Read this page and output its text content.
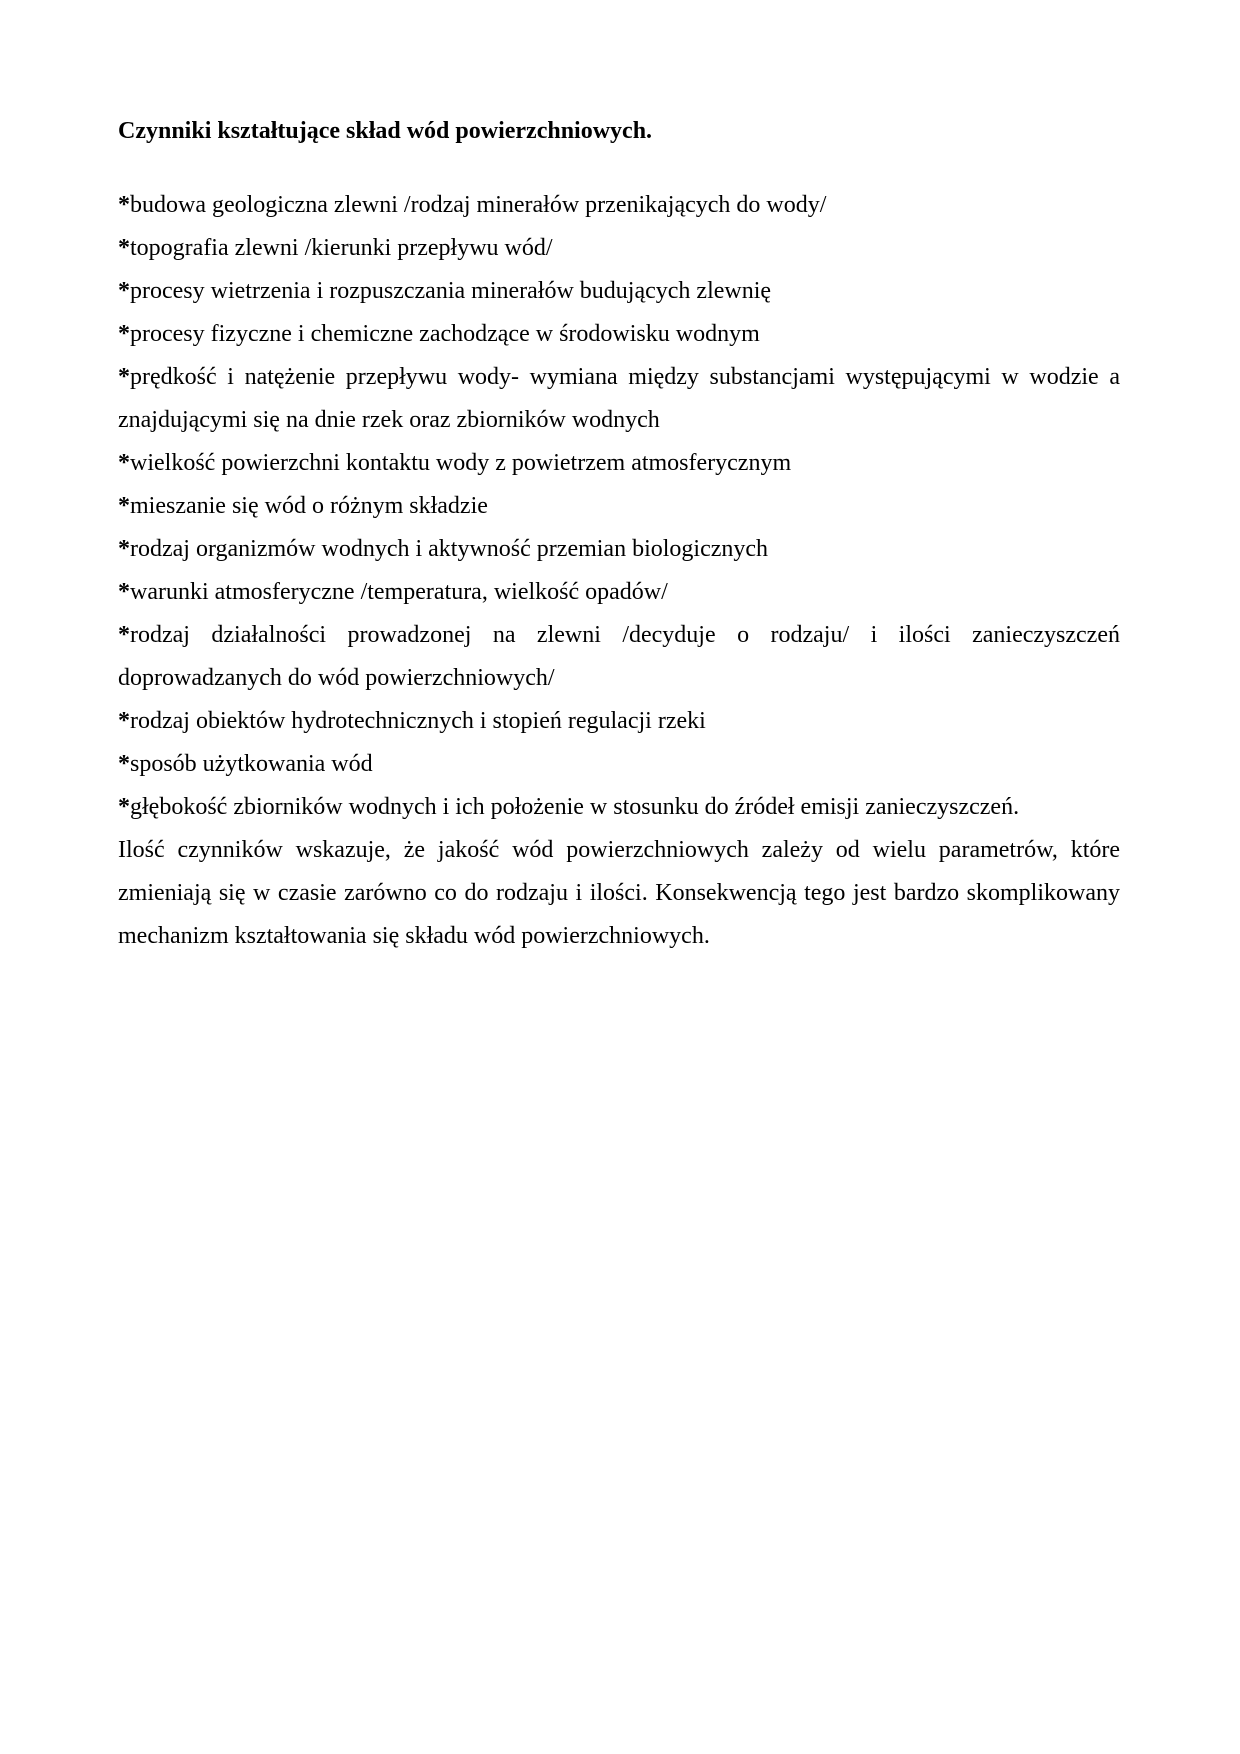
Czynniki kształtujące skład wód powierzchniowych.
*budowa geologiczna zlewni /rodzaj minerałów przenikających do wody/
*topografia zlewni /kierunki przepływu wód/
*procesy wietrzenia i rozpuszczania minerałów budujących zlewnię
*procesy fizyczne i chemiczne zachodzące w środowisku wodnym
*prędkość i natężenie przepływu wody- wymiana między substancjami występującymi w wodzie a znajdującymi się na dnie rzek oraz zbiorników wodnych
*wielkość powierzchni kontaktu wody z powietrzem atmosferycznym
*mieszanie się wód o różnym składzie
*rodzaj organizmów wodnych i aktywność przemian biologicznych
*warunki atmosferyczne /temperatura, wielkość opadów/
*rodzaj działalności prowadzonej na zlewni /decyduje o rodzaju/ i ilości zanieczyszczeń doprowadzanych do wód powierzchniowych/
*rodzaj obiektów hydrotechnicznych i stopień regulacji rzeki
*sposób użytkowania wód
*głębokość zbiorników wodnych i ich położenie w stosunku do źródeł emisji zanieczyszczeń.

Ilość czynników wskazuje, że jakość wód powierzchniowych zależy od wielu parametrów, które zmieniają się w czasie zarówno co do rodzaju i ilości. Konsekwencją tego jest bardzo skomplikowany mechanizm kształtowania się składu wód powierzchniowych.
